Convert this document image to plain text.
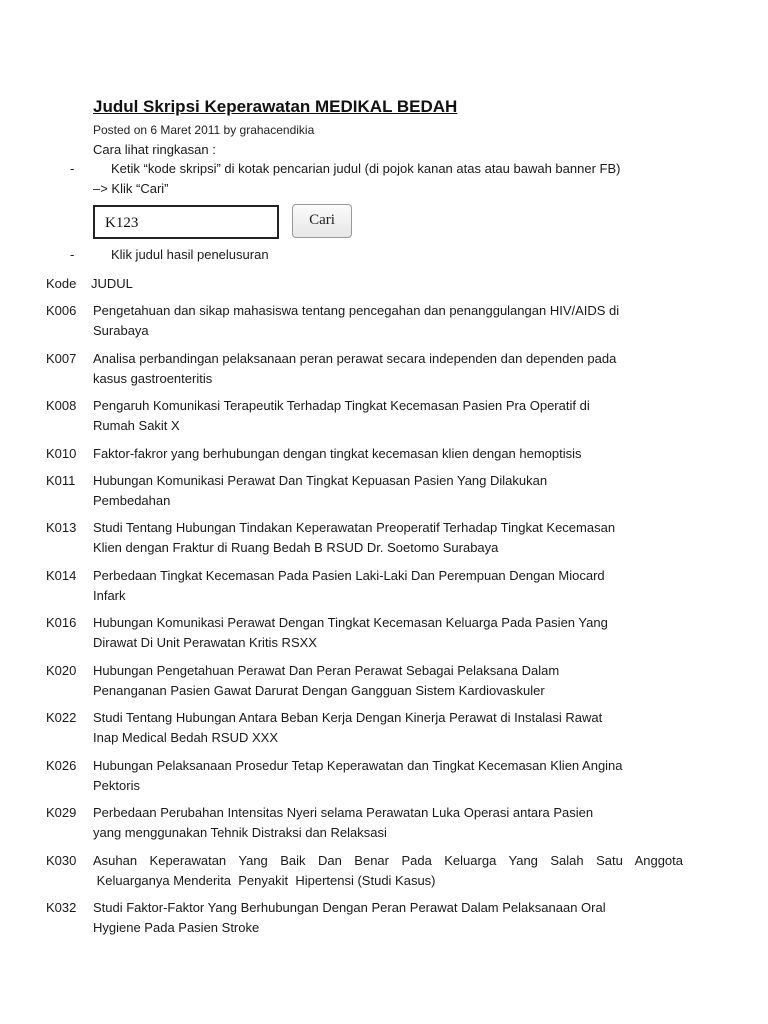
Judul Skripsi Keperawatan MEDIKAL BEDAH
Posted on 6 Maret 2011 by grahacendikia
Cara lihat ringkasan :
-	Ketik “kode skripsi” di kotak pencarian judul (di pojok kanan atas atau bawah banner FB)
–> Klik “Cari”
K123	Cari
-	Klik judul hasil penelusuran
Kode JUDUL
K006 Pengetahuan dan sikap mahasiswa tentang pencegahan dan penanggulangan HIV/AIDS di
Surabaya
K007 Analisa perbandingan pelaksanaan peran perawat secara independen dan dependen pada
kasus gastroenteritis
K008 Pengaruh Komunikasi Terapeutik Terhadap Tingkat Kecemasan Pasien Pra Operatif di
Rumah Sakit X
K010 Faktor-fakror yang berhubungan dengan tingkat kecemasan klien dengan hemoptisis
K011 Hubungan Komunikasi Perawat Dan Tingkat Kepuasan Pasien Yang Dilakukan
Pembedahan
K013 Studi Tentang Hubungan Tindakan Keperawatan Preoperatif Terhadap Tingkat Kecemasan
Klien dengan Fraktur di Ruang Bedah B RSUD Dr. Soetomo Surabaya
K014 Perbedaan Tingkat Kecemasan Pada Pasien Laki-Laki Dan Perempuan Dengan Miocard
Infark
K016 Hubungan Komunikasi Perawat Dengan Tingkat Kecemasan Keluarga Pada Pasien Yang
Dirawat Di Unit Perawatan Kritis RSXX
K020 Hubungan Pengetahuan Perawat Dan Peran Perawat Sebagai Pelaksana Dalam
Penanganan Pasien Gawat Darurat Dengan Gangguan Sistem Kardiovaskuler
K022 Studi Tentang Hubungan Antara Beban Kerja Dengan Kinerja Perawat di Instalasi Rawat
Inap Medical Bedah RSUD XXX
K026 Hubungan Pelaksanaan Prosedur Tetap Keperawatan dan Tingkat Kecemasan Klien Angina
Pektoris
K029 Perbedaan Perubahan Intensitas Nyeri selama Perawatan Luka Operasi antara Pasien
yang menggunakan Tehnik Distraksi dan Relaksasi
K030 Asuhan Keperawatan Yang Baik Dan Benar Pada Keluarga Yang Salah Satu Anggota
Keluarganya Menderita  Penyakit  Hipertensi (Studi Kasus)
K032 Studi Faktor-Faktor Yang Berhubungan Dengan Peran Perawat Dalam Pelaksanaan Oral
Hygiene Pada Pasien Stroke
